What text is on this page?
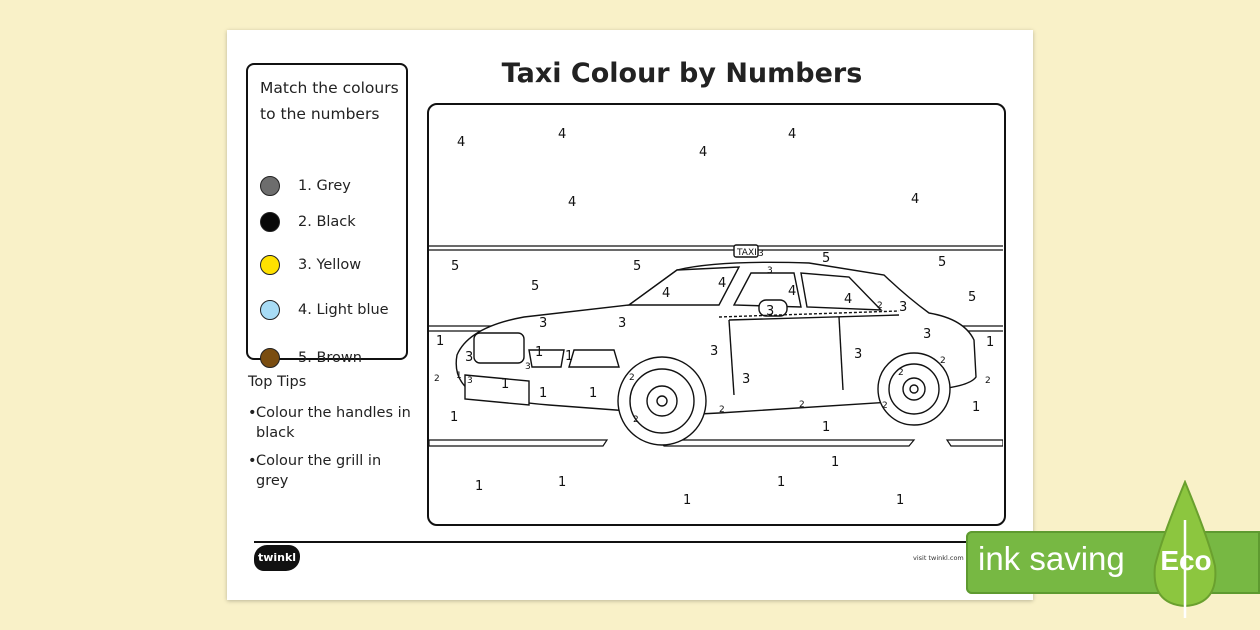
Match the colours to the numbers
1. Grey
2. Black
3. Yellow
4. Light blue
5. Brown
Top Tips
• Colour the handles in black
• Colour the grill in grey
Taxi Colour by Numbers
TAXI
4
4
4
4
4	4
5
5
5
5	5
5
1
1
1
1
1
1
1	1
1
1
1
3	3
3	3
3
3
3
3	3
3
3
3
3
2
2
2	2	2
2
2
2	2
2
4
4
4
4
1 1
1
1	1
1
twinkl	visit twinkl.com ink saving Eco
